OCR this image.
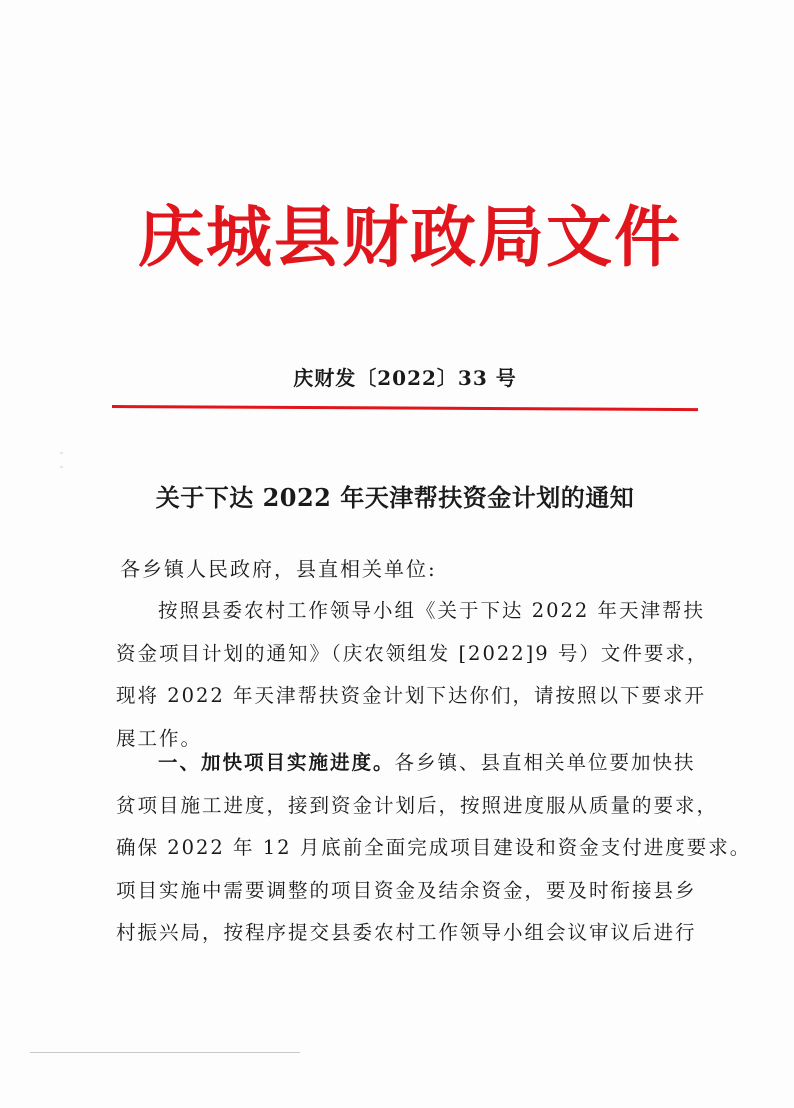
庆城县财政局文件
庆财发〔2022〕33 号
关于下达 2022 年天津帮扶资金计划的通知
各乡镇人民政府，县直相关单位:
按照县委农村工作领导小组《关于下达 2022 年天津帮扶
资金项目计划的通知》（庆农领组发 [2022]9 号）文件要求，
现将 2022 年天津帮扶资金计划下达你们，请按照以下要求开
展工作。
一、加快项目实施进度。各乡镇、县直相关单位要加快扶
贫项目施工进度，接到资金计划后，按照进度服从质量的要求，
确保 2022 年 12 月底前全面完成项目建设和资金支付进度要求。
项目实施中需要调整的项目资金及结余资金，要及时衔接县乡
村振兴局，按程序提交县委农村工作领导小组会议审议后进行
